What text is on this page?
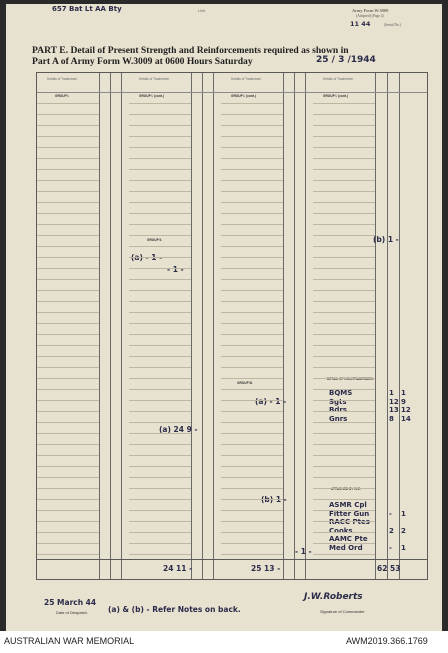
657 Bat Lt AA Bty	Unit	Army Form W.3009
(Adopted) (Page 2)
11 44	(Serial No.)
PART E. Detail of Present Strength and Reinforcements required as shown in
Part A of Army Form W.3009 at 0600 Hours Saturday	25 / 3 /1944
Details of Tradesmen	Details of Tradesmen	Details of Tradesmen	Details of Tradesmen
GROUP I.	GROUP I. (cont.)	GROUP I. (cont.)	GROUP I. (cont.)
GROUP II.
GROUP III.
DETAIL OF NON-TRADESMEN.
ATTACHED BY W.E.
(a) - 1 -
- 1 -
(a) 24 9 -
(a) - 1 -
(b) 1 -
(b) 1 -
24 11 -	25 13 -
- 1 -
62 53
BQMS	1 1
Sgts	12 9
Bdrs	13 12
Gnrs	8 14
ASMR Cpl
Fitter Gun	- 1
RACC Ptes
Cooks	2 2
AAMC Pte
Med Ord	- 1
25 March 44
Date of Despatch.	(a) & (b) - Refer Notes on back.
J.W.Roberts
Signature of Commander
AUSTRALIAN WAR MEMORIAL	AWM2019.366.1769
